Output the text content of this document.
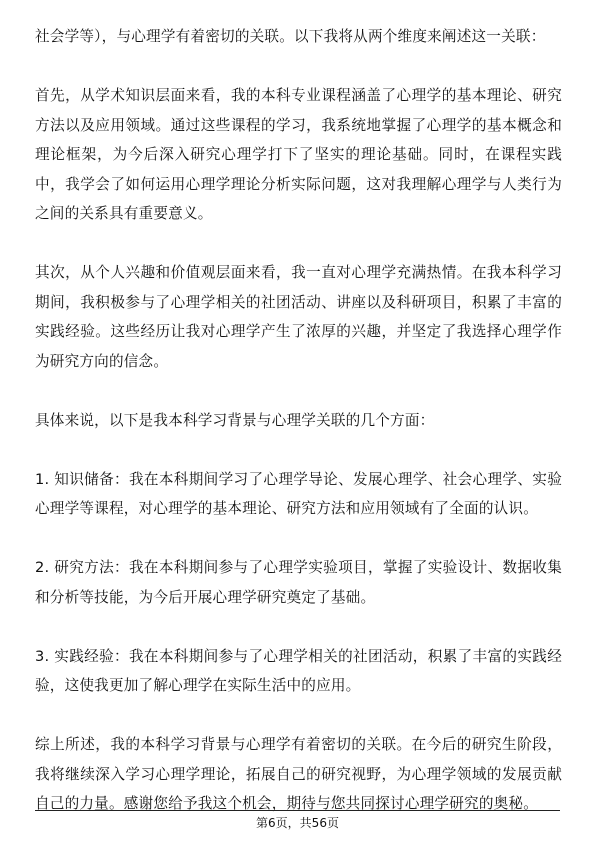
社会学等），与心理学有着密切的关联。以下我将从两个维度来阐述这一关联：

首先，从学术知识层面来看，我的本科专业课程涵盖了心理学的基本理论、研究方法以及应用领域。通过这些课程的学习，我系统地掌握了心理学的基本概念和理论框架，为今后深入研究心理学打下了坚实的理论基础。同时，在课程实践中，我学会了如何运用心理学理论分析实际问题，这对我理解心理学与人类行为之间的关系具有重要意义。

其次，从个人兴趣和价值观层面来看，我一直对心理学充满热情。在我本科学习期间，我积极参与了心理学相关的社团活动、讲座以及科研项目，积累了丰富的实践经验。这些经历让我对心理学产生了浓厚的兴趣，并坚定了我选择心理学作为研究方向的信念。

具体来说，以下是我本科学习背景与心理学关联的几个方面：

1. 知识储备：我在本科期间学习了心理学导论、发展心理学、社会心理学、实验心理学等课程，对心理学的基本理论、研究方法和应用领域有了全面的认识。

2. 研究方法：我在本科期间参与了心理学实验项目，掌握了实验设计、数据收集和分析等技能，为今后开展心理学研究奠定了基础。

3. 实践经验：我在本科期间参与了心理学相关的社团活动，积累了丰富的实践经验，这使我更加了解心理学在实际生活中的应用。

综上所述，我的本科学习背景与心理学有着密切的关联。在今后的研究生阶段，我将继续深入学习心理学理论，拓展自己的研究视野，为心理学领域的发展贡献自己的力量。感谢您给予我这个机会，期待与您共同探讨心理学研究的奥秘。

第6页，共56页
